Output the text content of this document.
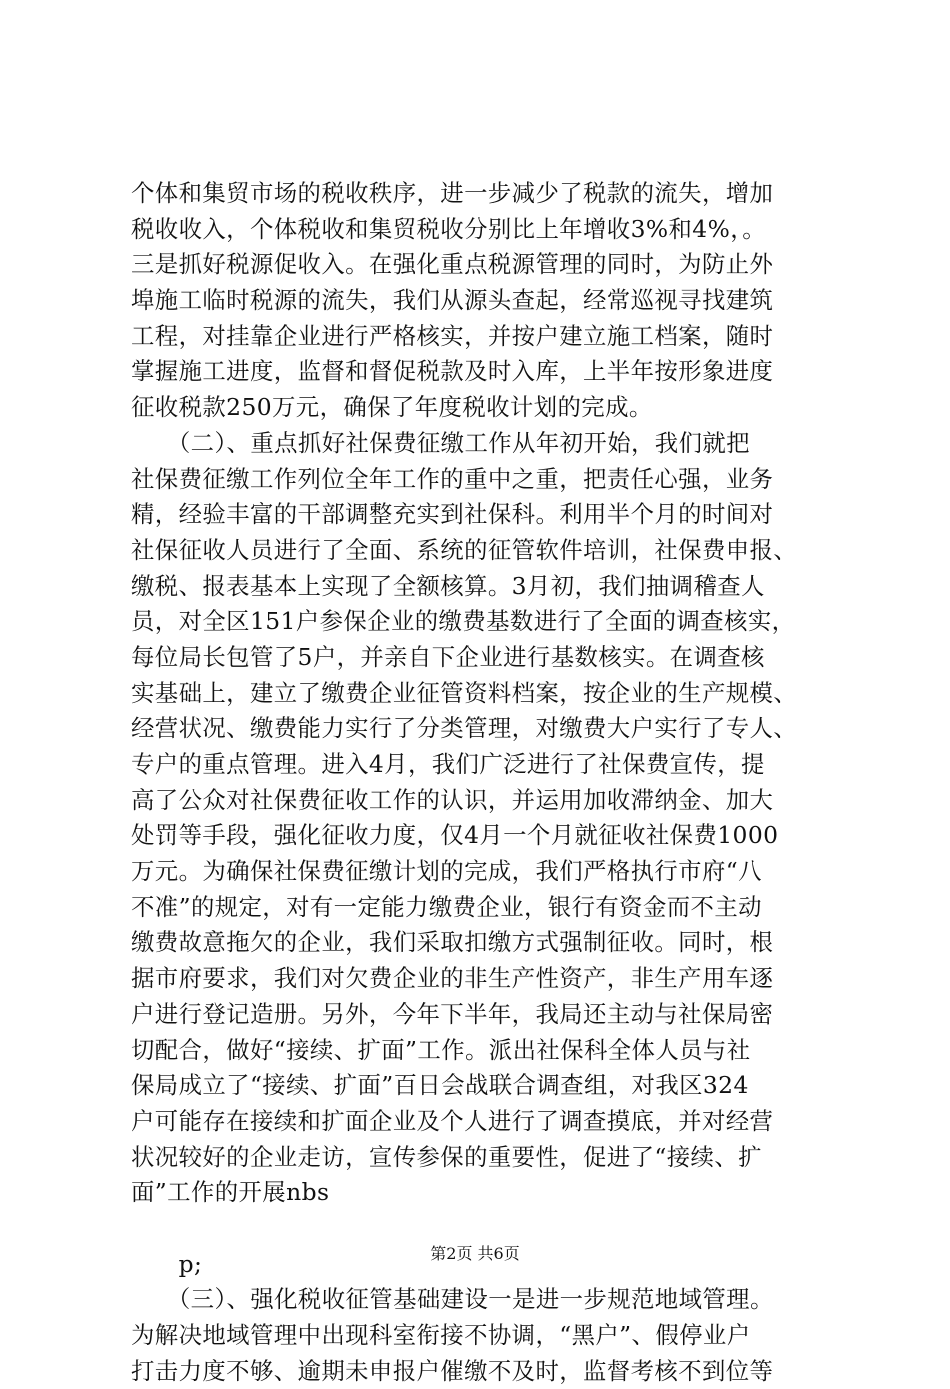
个体和集贸市场的税收秩序，进一步减少了税款的流失，增加
税收收入，个体税收和集贸税收分别比上年增收3%和4%，。
三是抓好税源促收入。在强化重点税源管理的同时，为防止外
埠施工临时税源的流失，我们从源头查起，经常巡视寻找建筑
工程，对挂靠企业进行严格核实，并按户建立施工档案，随时
掌握施工进度，监督和督促税款及时入库，上半年按形象进度
征收税款250万元，确保了年度税收计划的完成。
　　（二）、重点抓好社保费征缴工作从年初开始，我们就把
社保费征缴工作列位全年工作的重中之重，把责任心强，业务
精，经验丰富的干部调整充实到社保科。利用半个月的时间对
社保征收人员进行了全面、系统的征管软件培训，社保费申报、
缴税、报表基本上实现了全额核算。3月初，我们抽调稽查人
员，对全区151户参保企业的缴费基数进行了全面的调查核实，
每位局长包管了5户，并亲自下企业进行基数核实。在调查核
实基础上，建立了缴费企业征管资料档案，按企业的生产规模、
经营状况、缴费能力实行了分类管理，对缴费大户实行了专人、
专户的重点管理。进入4月，我们广泛进行了社保费宣传，提
高了公众对社保费征收工作的认识，并运用加收滞纳金、加大
处罚等手段，强化征收力度，仅4月一个月就征收社保费1000
万元。为确保社保费征缴计划的完成，我们严格执行市府“八
不准”的规定，对有一定能力缴费企业，银行有资金而不主动
缴费故意拖欠的企业，我们采取扣缴方式强制征收。同时，根
据市府要求，我们对欠费企业的非生产性资产，非生产用车逐
户进行登记造册。另外，今年下半年，我局还主动与社保局密
切配合，做好“接续、扩面”工作。派出社保科全体人员与社
保局成立了“接续、扩面”百日会战联合调查组，对我区324
户可能存在接续和扩面企业及个人进行了调查摸底，并对经营
状况较好的企业走访，宣传参保的重要性，促进了“接续、扩
面”工作的开展nbs
　　p;
　　（三）、强化税收征管基础建设一是进一步规范地域管理。
为解决地域管理中出现科室衔接不协调，“黑户”、假停业户
打击力度不够、逾期未申报户催缴不及时，监督考核不到位等
第2页 共6页
